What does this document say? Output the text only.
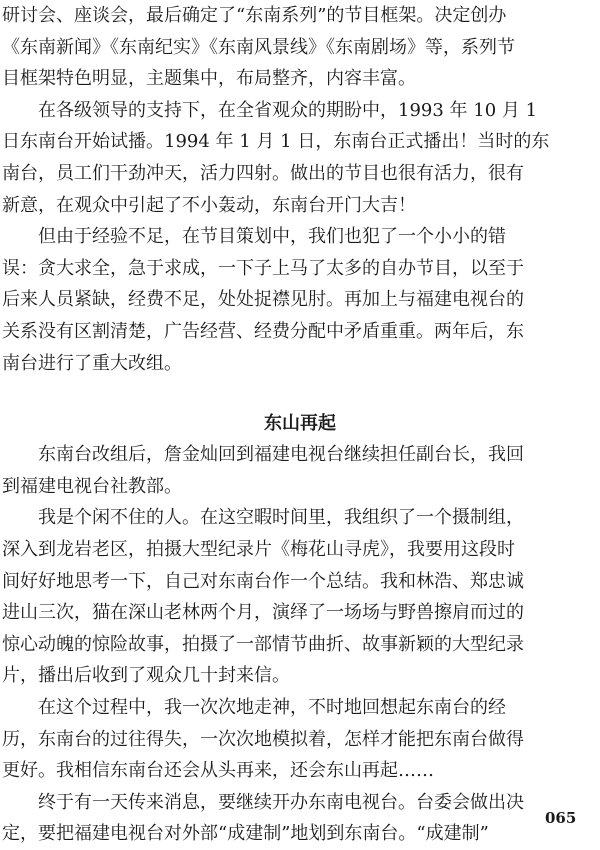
研讨会、座谈会，最后确定了“东南系列”的节目框架。决定创办
《东南新闻》《东南纪实》《东南风景线》《东南剧场》等，系列节
目框架特色明显，主题集中，布局整齐，内容丰富。
在各级领导的支持下，在全省观众的期盼中，1993 年 10 月 1
日东南台开始试播。1994 年 1 月 1 日，东南台正式播出！当时的东
南台，员工们干劲冲天，活力四射。做出的节目也很有活力，很有
新意，在观众中引起了不小轰动，东南台开门大吉！
但由于经验不足，在节目策划中，我们也犯了一个小小的错
误：贪大求全，急于求成，一下子上马了太多的自办节目，以至于
后来人员紧缺，经费不足，处处捉襟见肘。再加上与福建电视台的
关系没有区割清楚，广告经营、经费分配中矛盾重重。两年后，东
南台进行了重大改组。
东山再起
东南台改组后，詹金灿回到福建电视台继续担任副台长，我回
到福建电视台社教部。
我是个闲不住的人。在这空暇时间里，我组织了一个摄制组，
深入到龙岩老区，拍摄大型纪录片《梅花山寻虎》，我要用这段时
间好好地思考一下，自己对东南台作一个总结。我和林浩、郑忠诚
进山三次，猫在深山老林两个月，演绎了一场场与野兽擦肩而过的
惊心动魄的惊险故事，拍摄了一部情节曲折、故事新颖的大型纪录
片，播出后收到了观众几十封来信。
在这个过程中，我一次次地走神，不时地回想起东南台的经
历，东南台的过往得失，一次次地模拟着，怎样才能把东南台做得
更好。我相信东南台还会从头再来，还会东山再起……
终于有一天传来消息，要继续开办东南电视台。台委会做出决
定，要把福建电视台对外部“成建制”地划到东南台。“成建制”
065
